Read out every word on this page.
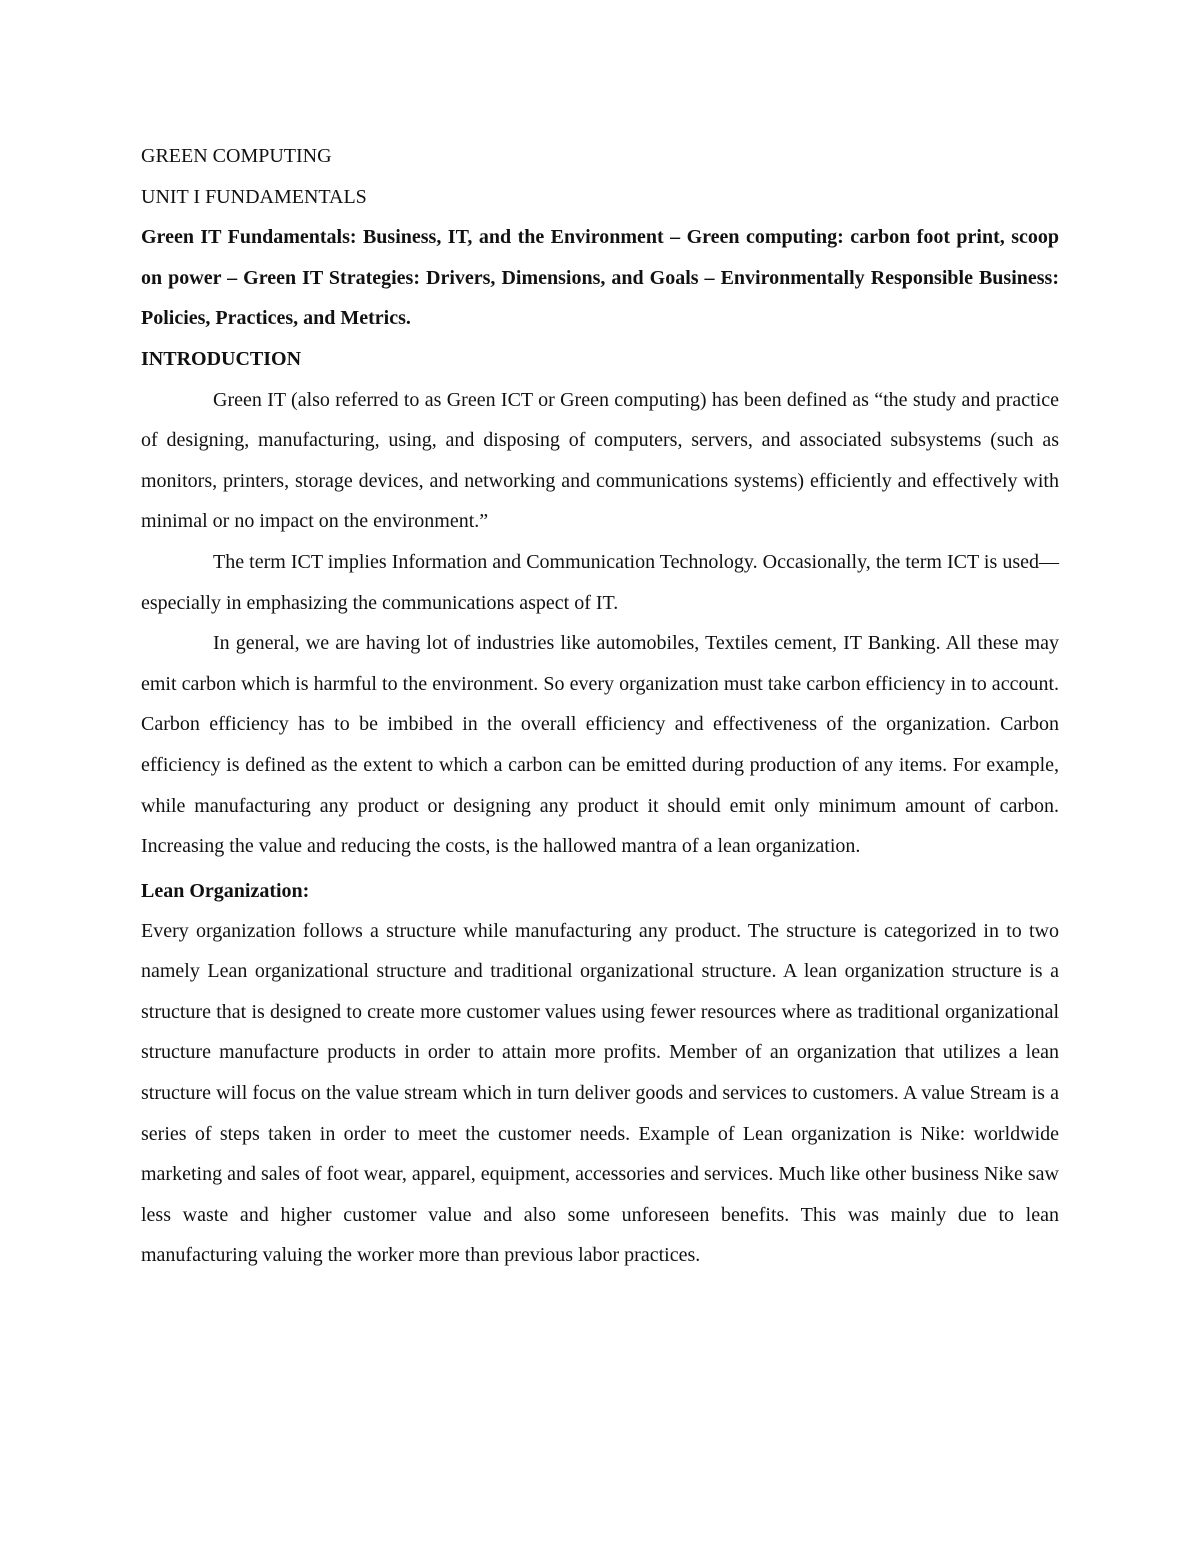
GREEN COMPUTING

UNIT I FUNDAMENTALS

Green IT Fundamentals: Business, IT, and the Environment – Green computing: carbon foot print, scoop on power – Green IT Strategies: Drivers, Dimensions, and Goals – Environmentally Responsible Business: Policies, Practices, and Metrics.

INTRODUCTION

Green IT (also referred to as Green ICT or Green computing) has been defined as “the study and practice of designing, manufacturing, using, and disposing of computers, servers, and associated subsystems (such as monitors, printers, storage devices, and networking and communications systems) efficiently and effectively with minimal or no impact on the environment.”

The term ICT implies Information and Communication Technology. Occasionally, the term ICT is used—especially in emphasizing the communications aspect of IT.

In general, we are having lot of industries like automobiles, Textiles cement, IT Banking. All these may emit carbon which is harmful to the environment. So every organization must take carbon efficiency in to account. Carbon efficiency has to be imbibed in the overall efficiency and effectiveness of the organization. Carbon efficiency is defined as the extent to which a carbon can be emitted during production of any items. For example, while manufacturing any product or designing any product it should emit only minimum amount of carbon. Increasing the value and reducing the costs, is the hallowed mantra of a lean organization.

Lean Organization:

Every organization follows a structure while manufacturing any product. The structure is categorized in to two namely Lean organizational structure and traditional organizational structure. A lean organization structure is a structure that is designed to create more customer values using fewer resources where as traditional organizational structure manufacture products in order to attain more profits. Member of an organization that utilizes a lean structure will focus on the value stream which in turn deliver goods and services to customers. A value Stream is a series of steps taken in order to meet the customer needs. Example of Lean organization is Nike: worldwide marketing and sales of foot wear, apparel, equipment, accessories and services. Much like other business Nike saw less waste and higher customer value and also some unforeseen benefits. This was mainly due to lean manufacturing valuing the worker more than previous labor practices.
